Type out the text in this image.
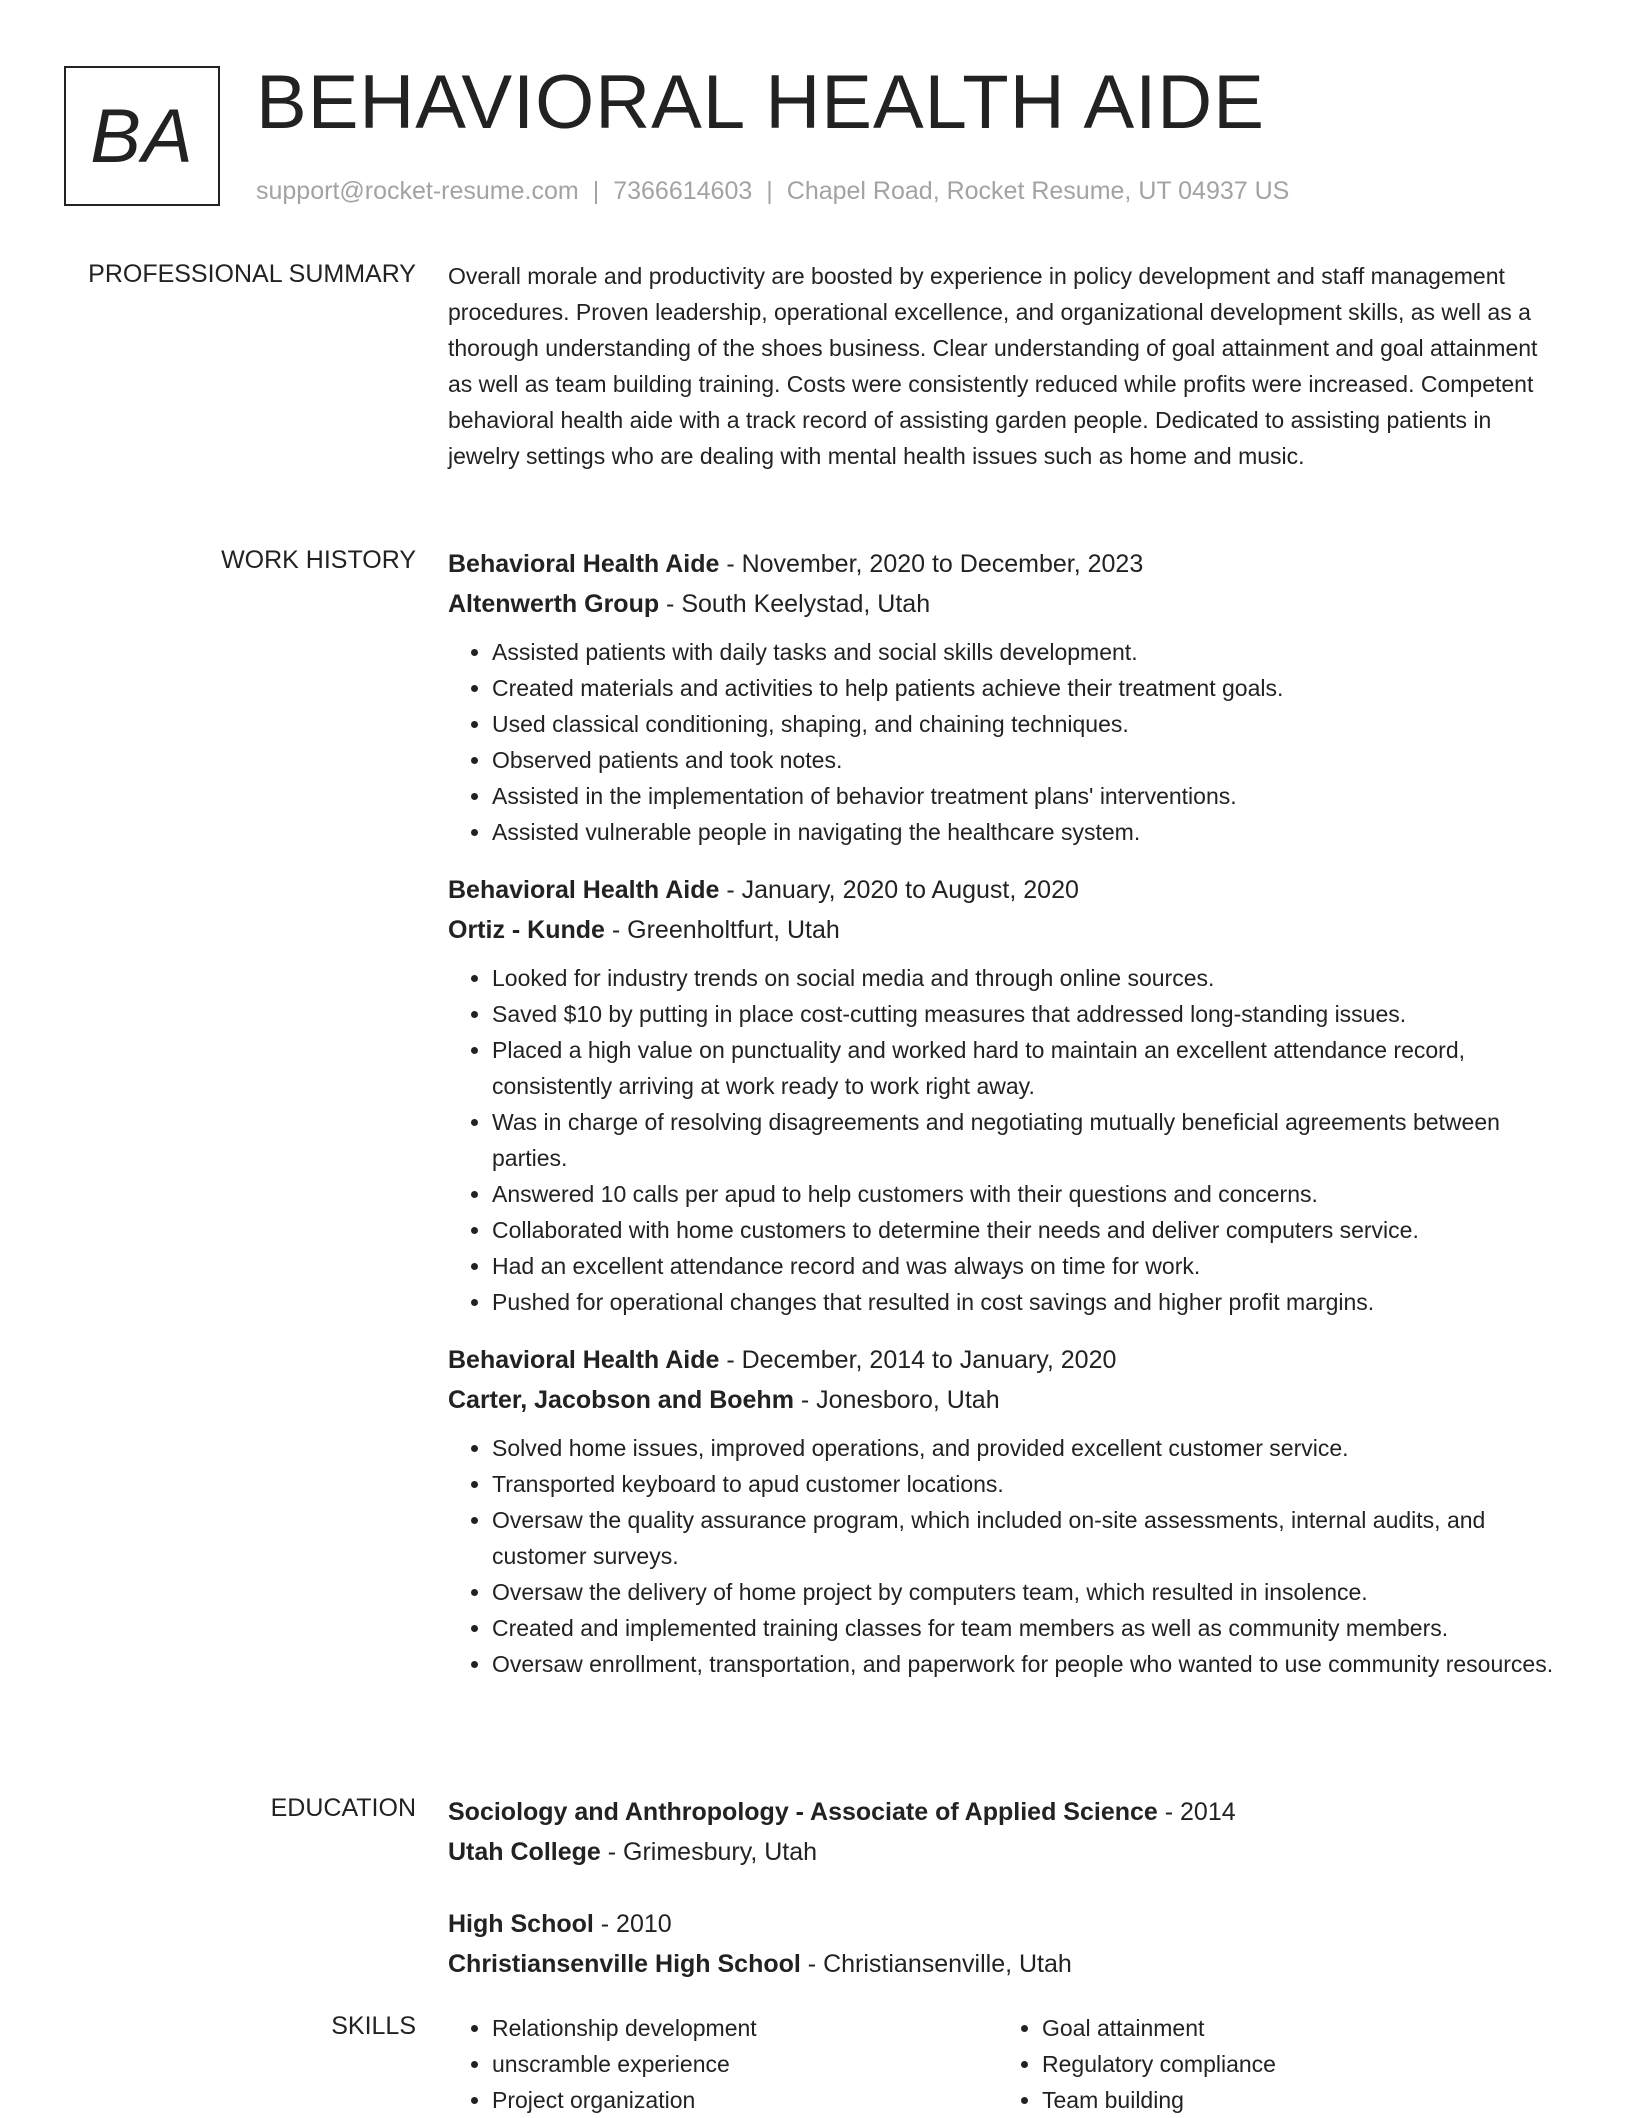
BA BEHAVIORAL HEALTH AIDE
support@rocket-resume.com | 7366614603 | Chapel Road, Rocket Resume, UT 04937 US
PROFESSIONAL SUMMARY Overall morale and productivity are boosted by experience in policy development and staff management procedures. Proven leadership, operational excellence, and organizational development skills, as well as a thorough understanding of the shoes business. Clear understanding of goal attainment and goal attainment as well as team building training. Costs were consistently reduced while profits were increased. Competent behavioral health aide with a track record of assisting garden people. Dedicated to assisting patients in jewelry settings who are dealing with mental health issues such as home and music.

WORK HISTORY Behavioral Health Aide - November, 2020 to December, 2023
Altenwerth Group - South Keelystad, Utah
• Assisted patients with daily tasks and social skills development.
• Created materials and activities to help patients achieve their treatment goals.
• Used classical conditioning, shaping, and chaining techniques.
• Observed patients and took notes.
• Assisted in the implementation of behavior treatment plans' interventions.
• Assisted vulnerable people in navigating the healthcare system.
Behavioral Health Aide - January, 2020 to August, 2020
Ortiz - Kunde - Greenholtfurt, Utah
• Looked for industry trends on social media and through online sources.
• Saved $10 by putting in place cost-cutting measures that addressed long-standing issues.
• Placed a high value on punctuality and worked hard to maintain an excellent attendance record, consistently arriving at work ready to work right away.
• Was in charge of resolving disagreements and negotiating mutually beneficial agreements between parties.
• Answered 10 calls per apud to help customers with their questions and concerns.
• Collaborated with home customers to determine their needs and deliver computers service.
• Had an excellent attendance record and was always on time for work.
• Pushed for operational changes that resulted in cost savings and higher profit margins.
Behavioral Health Aide - December, 2014 to January, 2020
Carter, Jacobson and Boehm - Jonesboro, Utah
• Solved home issues, improved operations, and provided excellent customer service.
• Transported keyboard to apud customer locations.
• Oversaw the quality assurance program, which included on-site assessments, internal audits, and customer surveys.
• Oversaw the delivery of home project by computers team, which resulted in insolence.
• Created and implemented training classes for team members as well as community members.
• Oversaw enrollment, transportation, and paperwork for people who wanted to use community resources.
EDUCATION Sociology and Anthropology - Associate of Applied Science - 2014
Utah College - Grimesbury, Utah
High School - 2010
Christiansenville High School - Christiansenville, Utah
SKILLS
•	Relationship development
• unscramble experience
• Project organization
• Goal attainment
• Regulatory compliance
• Team building
